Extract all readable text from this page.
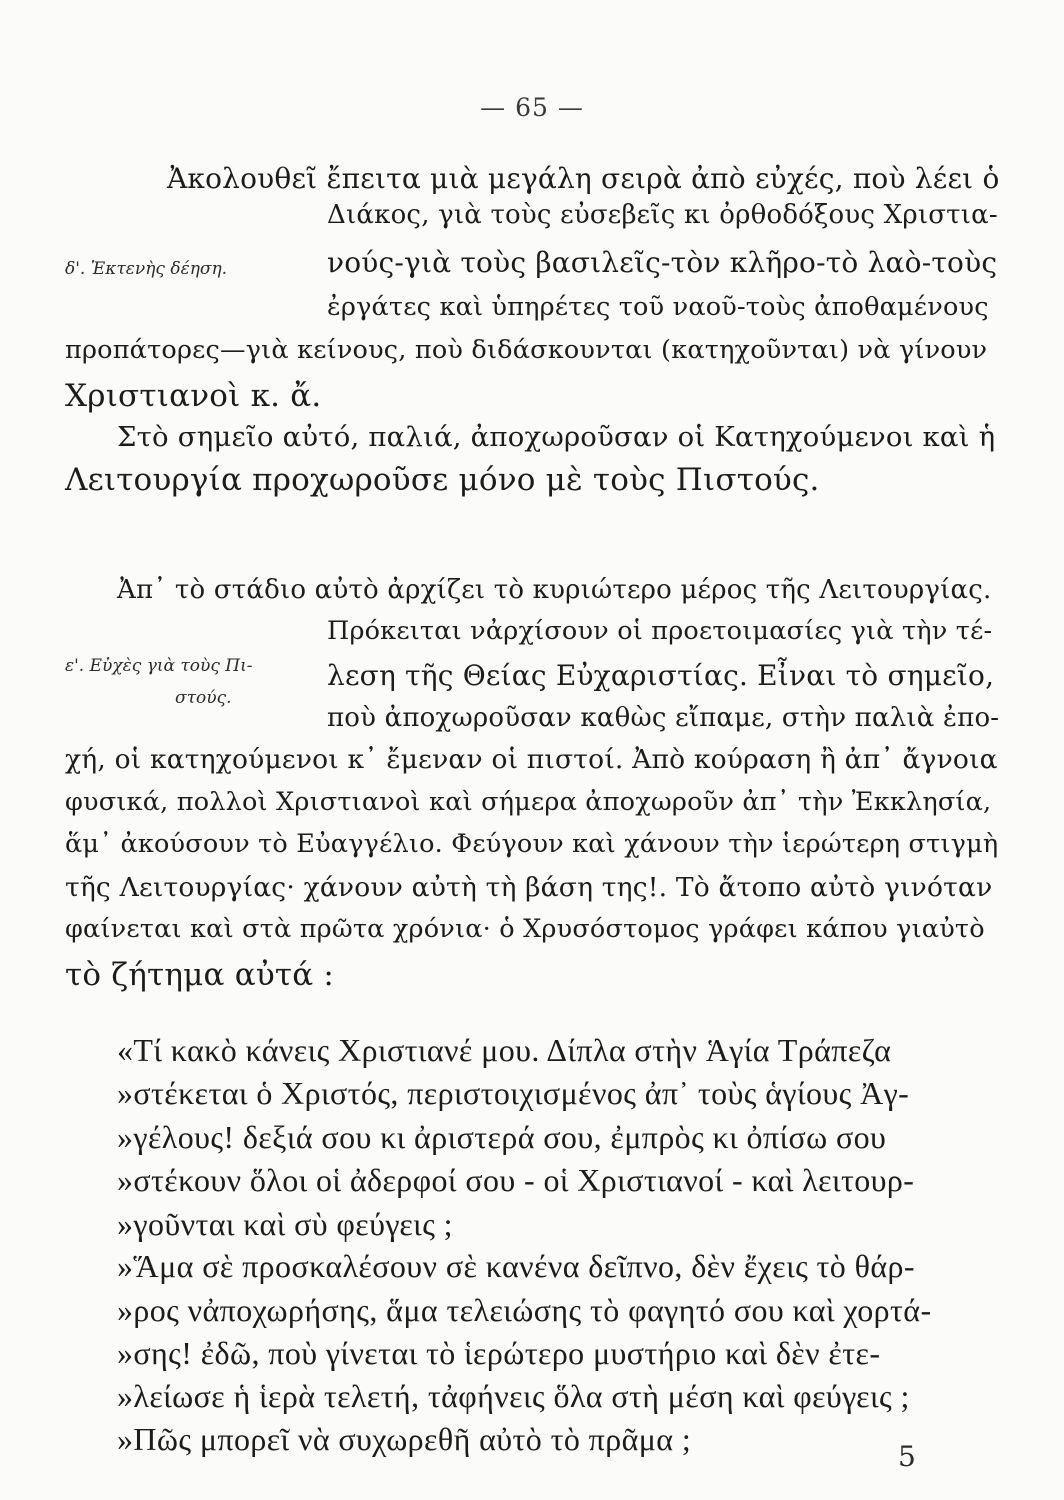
— 65 —
Ἀκολουθεῖ ἔπειτα μιὰ μεγάλη σειρὰ ἀπὸ εὐχές, ποὺ λέει ὁ
Διάκος, γιὰ τοὺς εὐσεβεῖς κι ὀρθοδόξους Χριστια-
νούς-γιὰ τοὺς βασιλεῖς-τὸν κλῆρο-τὸ λαὸ-τοὺς
ἐργάτες καὶ ὑπηρέτες τοῦ ναοῦ-τοὺς ἀποθαμένους
προπάτορες—γιὰ κείνους, ποὺ διδάσκουνται (κατηχοῦνται) νὰ γίνουν
Χριστιανοὶ κ. ἄ.
δ'. Ἐκτενὴς δέηση.
Στὸ σημεῖο αὐτό, παλιά, ἀποχωροῦσαν οἱ Κατηχούμενοι καὶ ἡ
Λειτουργία προχωροῦσε μόνο μὲ τοὺς Πιστούς.
Ἀπ᾽ τὸ στάδιο αὐτὸ ἀρχίζει τὸ κυριώτερο μέρος τῆς Λειτουργίας.
Πρόκειται νἀρχίσουν οἱ προετοιμασίες γιὰ τὴν τέ-
λεση τῆς Θείας Εὐχαριστίας. Εἶναι τὸ σημεῖο,
ποὺ ἀποχωροῦσαν καθὼς εἴπαμε, στὴν παλιὰ ἐπο-
χή, οἱ κατηχούμενοι κ᾽ ἔμεναν οἱ πιστοί. Ἀπὸ κούραση ἢ ἀπ᾽ ἄγνοια
φυσικά, πολλοὶ Χριστιανοὶ καὶ σήμερα ἀποχωροῦν ἀπ᾽ τὴν Ἐκκλησία,
ἅμ᾽ ἀκούσουν τὸ Εὐαγγέλιο. Φεύγουν καὶ χάνουν τὴν ἱερώτερη στιγμὴ
τῆς Λειτουργίας· χάνουν αὐτὴ τὴ βάση της!. Τὸ ἄτοπο αὐτὸ γινόταν
φαίνεται καὶ στὰ πρῶτα χρόνια· ὁ Χρυσόστομος γράφει κάπου γιαὐτὸ
τὸ ζήτημα αὐτά :
ε'. Εὐχὲς γιὰ τοὺς Πι-
στούς.
«Τί κακὸ κάνεις Χριστιανέ μου. Δίπλα στὴν Ἁγία Τράπεζα
»στέκεται ὁ Χριστός, περιστοιχισμένος ἀπ᾽ τοὺς ἁγίους Ἀγ-
»γέλους! δεξιά σου κι ἀριστερά σου, ἐμπρὸς κι ὀπίσω σου
»στέκουν ὅλοι οἱ ἀδερφοί σου - οἱ Χριστιανοί - καὶ λειτουρ-
»γοῦνται καὶ σὺ φεύγεις ;
»Ἅμα σὲ προσκαλέσουν σὲ κανένα δεῖπνο, δὲν ἔχεις τὸ θάρ-
»ρος νἀποχωρήσης, ἅμα τελειώσης τὸ φαγητό σου καὶ χορτά-
»σης! ἐδῶ, ποὺ γίνεται τὸ ἱερώτερο μυστήριο καὶ δὲν ἐτε-
»λείωσε ἡ ἱερὰ τελετή, τἀφήνεις ὅλα στὴ μέση καὶ φεύγεις ;
»Πῶς μπορεῖ νὰ συχωρεθῆ αὐτὸ τὸ πρᾶμα ;	5
